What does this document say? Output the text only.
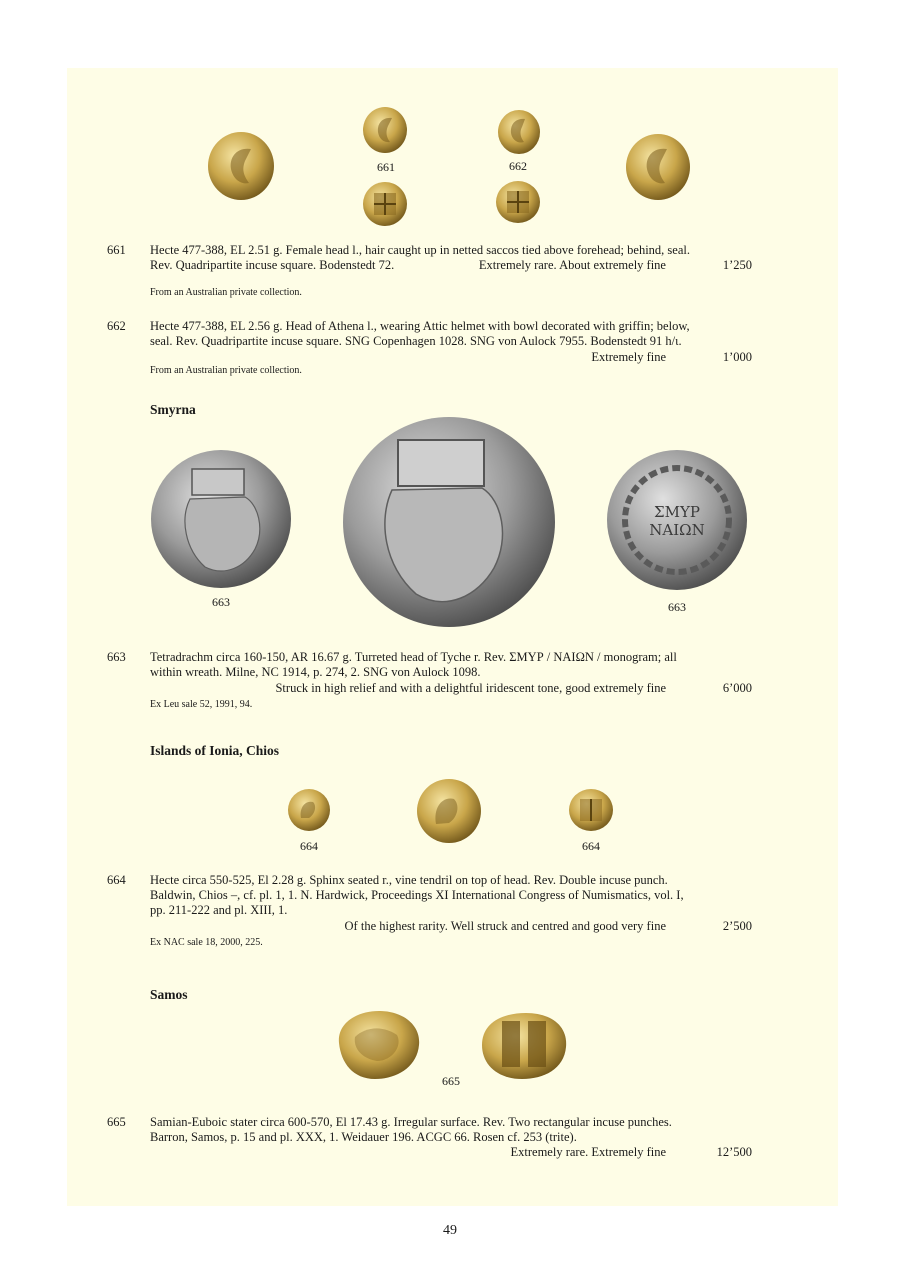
661	662
661 Hecte 477-388, EL 2.51 g. Female head l., hair caught up in netted saccos tied above forehead; behind, seal.
Rev. Quadripartite incuse square. Bodenstedt 72.	Extremely rare. About extremely fine	1’250
From an Australian private collection.
662 Hecte 477-388, EL 2.56 g. Head of Athena l., wearing Attic helmet with bowl decorated with griffin; below,
seal. Rev. Quadripartite incuse square. SNG Copenhagen 1028. SNG von Aulock 7955. Bodenstedt 91 h/ι.
Extremely fine	1’000
From an Australian private collection.
Smyrna
ΣΜΥΡ
ΝΑΙΩΝ
663	663
663 Tetradrachm circa 160-150, AR 16.67 g. Turreted head of Tyche r. Rev. ΣΜΥΡ / ΝΑΙΩΝ / monogram; all
within wreath. Milne, NC 1914, p. 274, 2. SNG von Aulock 1098.
Struck in high relief and with a delightful iridescent tone, good extremely fine	6’000
Ex Leu sale 52, 1991, 94.
Islands of Ionia, Chios
664	664
664 Hecte circa 550-525, El 2.28 g. Sphinx seated r., vine tendril on top of head. Rev. Double incuse punch.
Baldwin, Chios –, cf. pl. 1, 1. N. Hardwick, Proceedings XI International Congress of Numismatics, vol. I,
pp. 211-222 and pl. XIII, 1.
Of the highest rarity. Well struck and centred and good very fine	2’500
Ex NAC sale 18, 2000, 225.
Samos
665
665 Samian-Euboic stater circa 600-570, El 17.43 g. Irregular surface. Rev. Two rectangular incuse punches.
Barron, Samos, p. 15 and pl. XXX, 1. Weidauer 196. ACGC 66. Rosen cf. 253 (trite).
Extremely rare. Extremely fine	12’500
49
